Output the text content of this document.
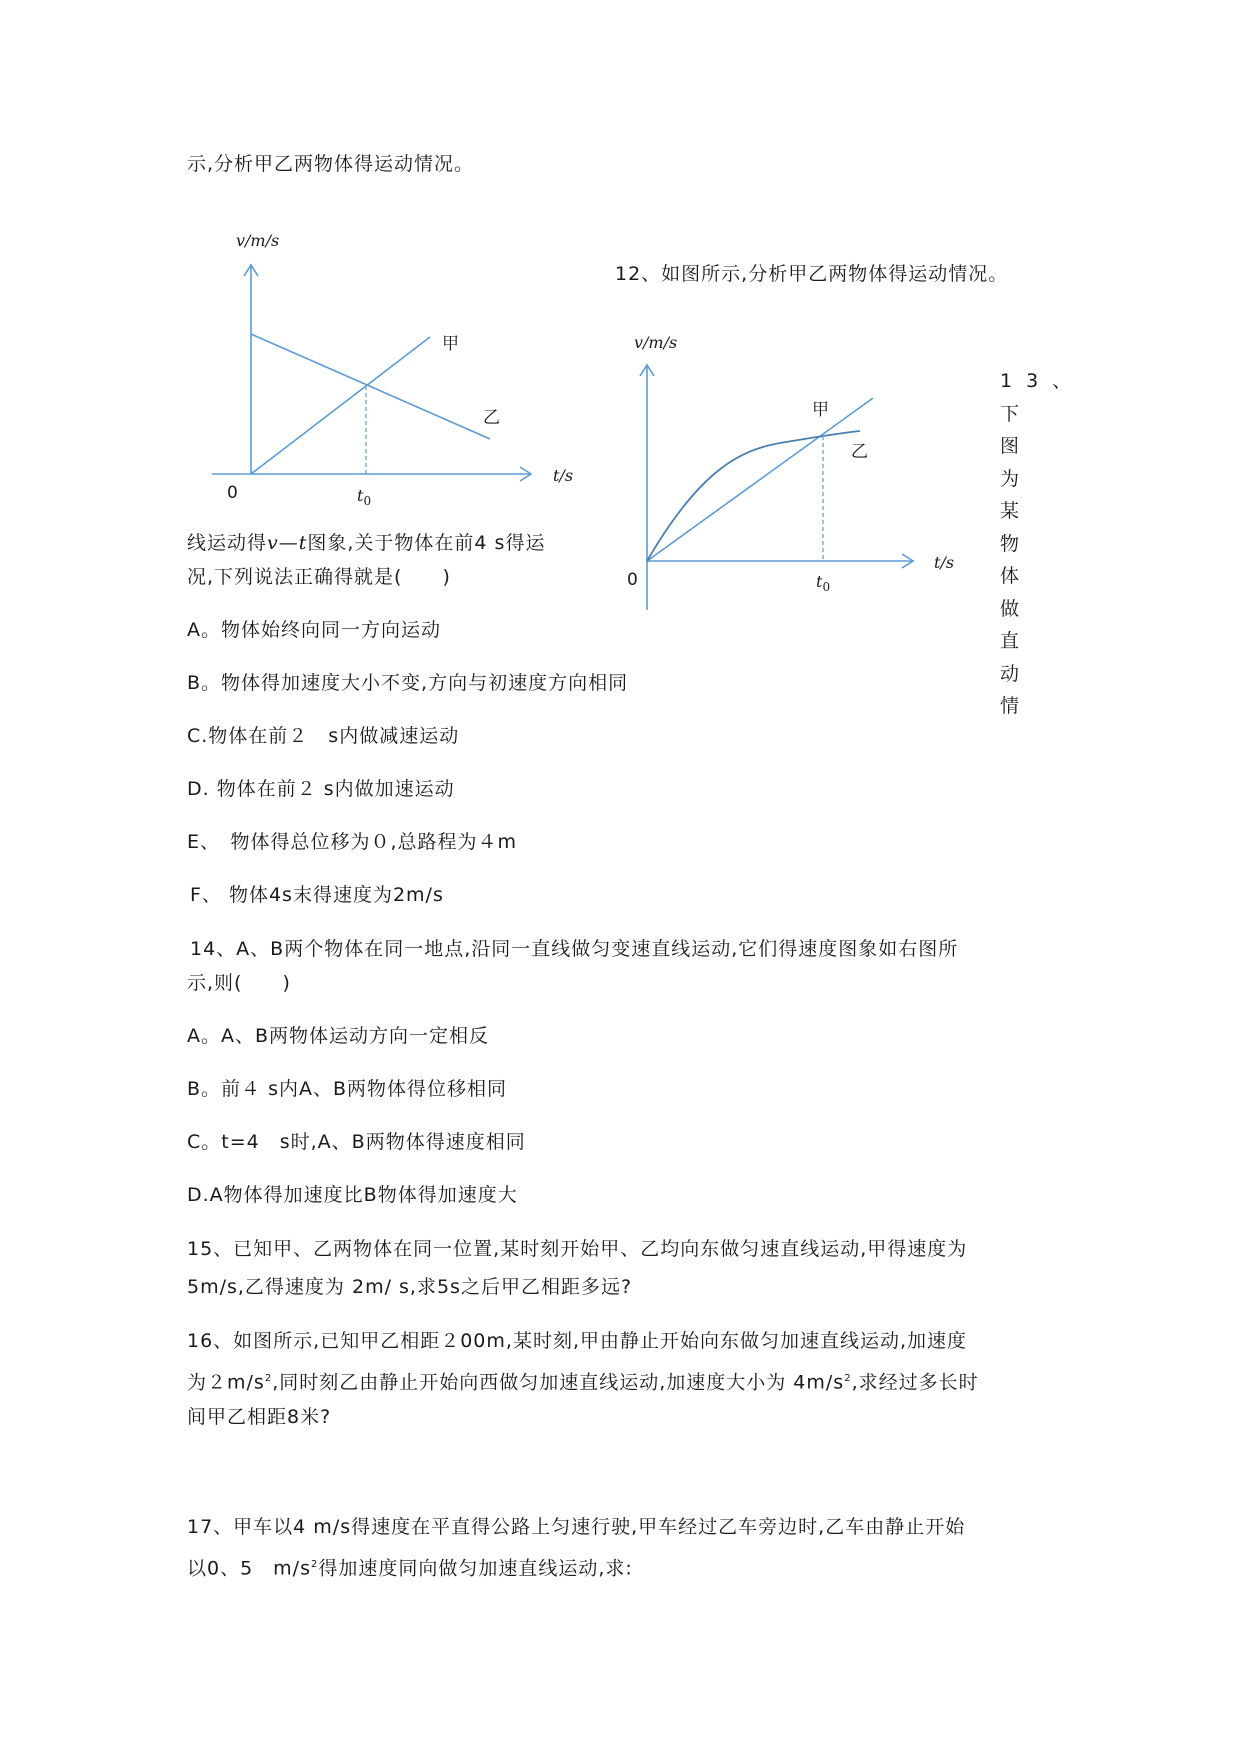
示,分析甲乙两物体得运动情况。
v/m/s
t/s
0	$t_0$
甲
乙
12、如图所示,分析甲乙两物体得运动情况。
v/m/s
t/s
0	$t_0$
甲
乙
13、
下图
为某
物体
做直
动情
线运动得v—t图象,关于物体在前4 s得运
况,下列说法正确得就是(　　)
A。物体始终向同一方向运动
B。物体得加速度大小不变,方向与初速度方向相同
C.物体在前２　s内做减速运动
D. 物体在前２ s内做加速运动
E、　物体得总位移为０,总路程为４m
F、 物体4s末得速度为2m/s
14、A、B两个物体在同一地点,沿同一直线做匀变速直线运动,它们得速度图象如右图所
示,则(　　)
A。A、B两物体运动方向一定相反
B。前４ s内A、B两物体得位移相同
C。t=4　s时,A、B两物体得速度相同
D.A物体得加速度比B物体得加速度大
15、已知甲、乙两物体在同一位置,某时刻开始甲、乙均向东做匀速直线运动,甲得速度为
5m/s,乙得速度为 2m/ s,求5s之后甲乙相距多远?
16、如图所示,已知甲乙相距２00m,某时刻,甲由静止开始向东做匀加速直线运动,加速度
为$2m/s^2$,同时刻乙由静止开始向西做匀加速直线运动,加速度大小为 $4m/s^2$,求经过多长时
间甲乙相距8米?
17、甲车以4 m/s得速度在平直得公路上匀速行驶,甲车经过乙车旁边时,乙车由静止开始
以0、5　$m/s^2$得加速度同向做匀加速直线运动,求:
